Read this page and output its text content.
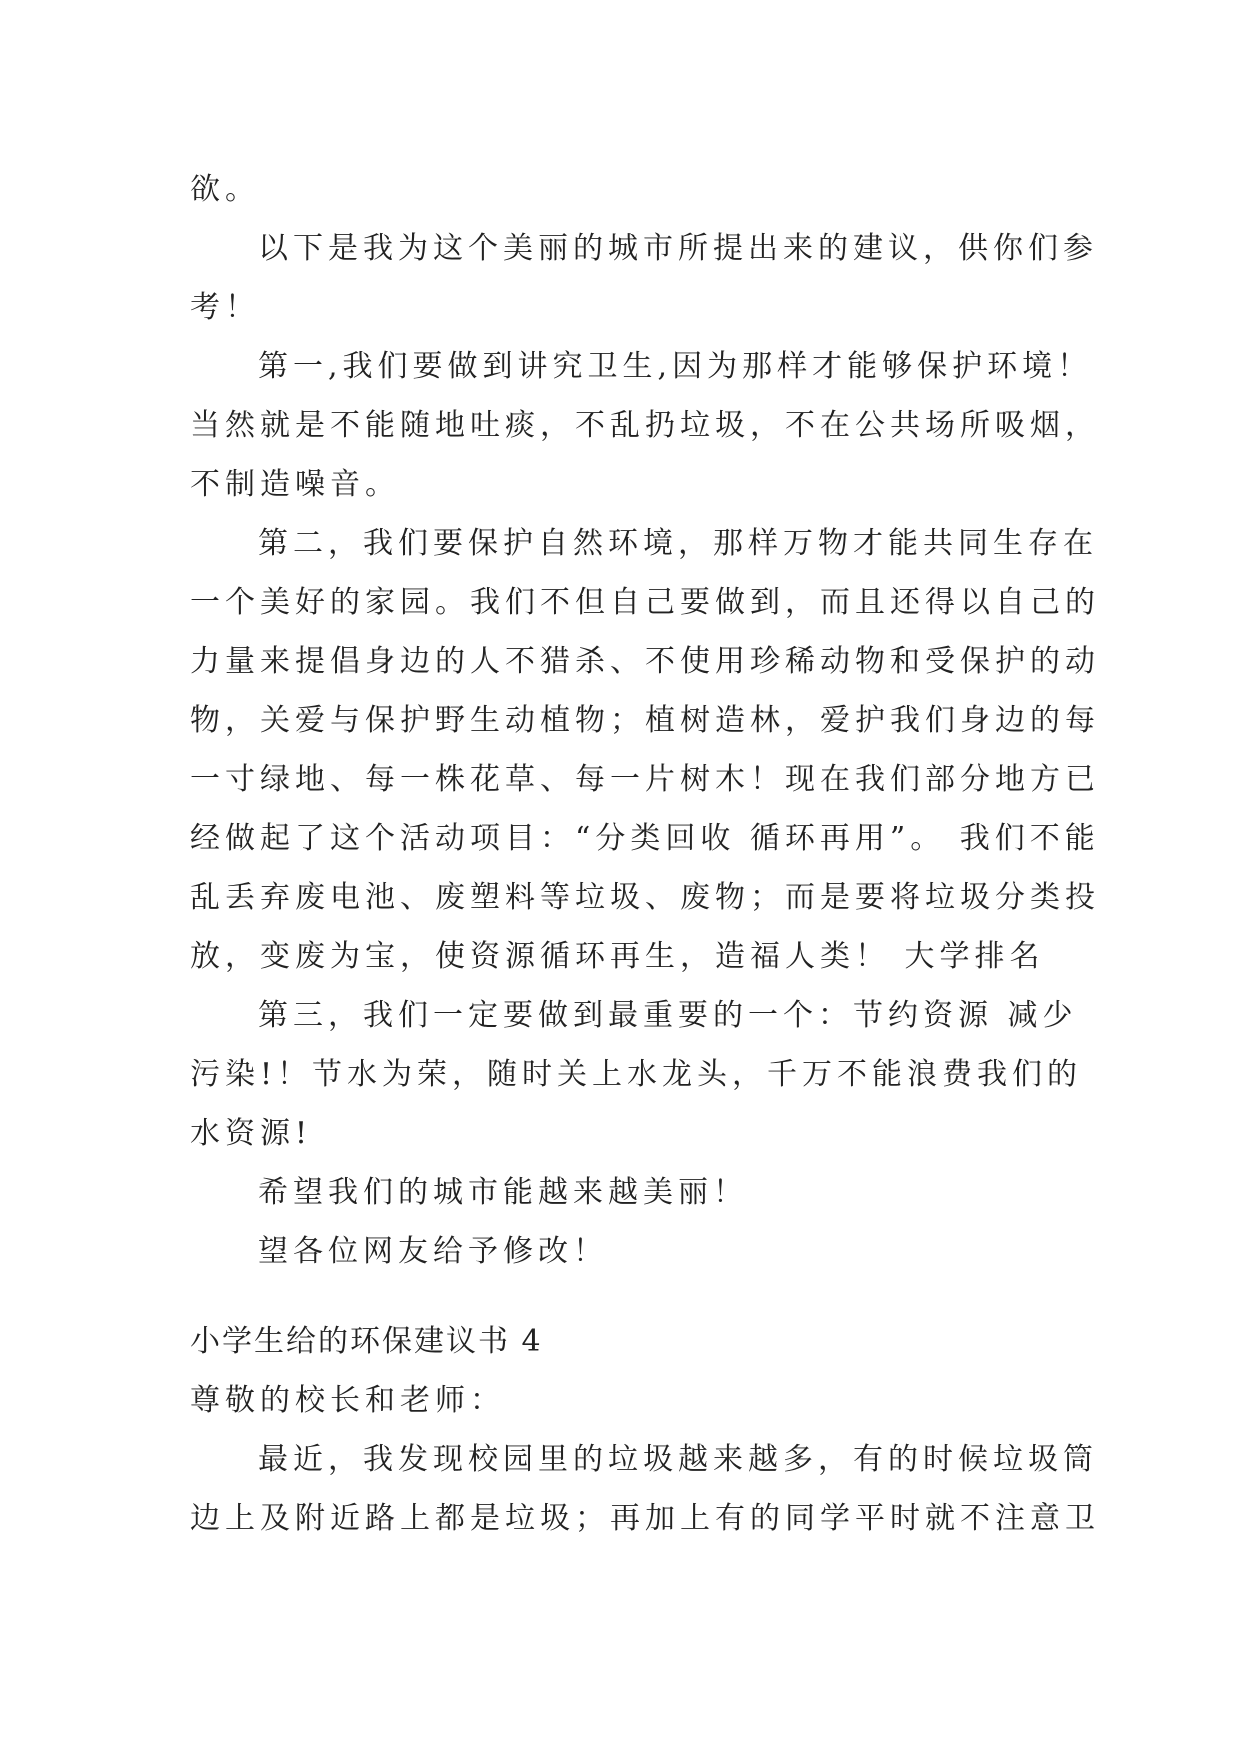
欲。
以下是我为这个美丽的城市所提出来的建议，供你们参
考！
第一,我们要做到讲究卫生,因为那样才能够保护环境！
当然就是不能随地吐痰，不乱扔垃圾，不在公共场所吸烟，
不制造噪音。
第二，我们要保护自然环境，那样万物才能共同生存在
一个美好的家园。我们不但自己要做到，而且还得以自己的
力量来提倡身边的人不猎杀、不使用珍稀动物和受保护的动
物，关爱与保护野生动植物；植树造林，爱护我们身边的每
一寸绿地、每一株花草、每一片树木！现在我们部分地方已
经做起了这个活动项目：“分类回收 循环再用”。 我们不能
乱丢弃废电池、废塑料等垃圾、废物；而是要将垃圾分类投
放，变废为宝，使资源循环再生，造福人类！ 大学排名
第三，我们一定要做到最重要的一个：节约资源 减少
污染!！节水为荣，随时关上水龙头，千万不能浪费我们的
水资源!
希望我们的城市能越来越美丽！
望各位网友给予修改！
小学生给的环保建议书 4
尊敬的校长和老师：
最近，我发现校园里的垃圾越来越多，有的时候垃圾筒
边上及附近路上都是垃圾；再加上有的同学平时就不注意卫
